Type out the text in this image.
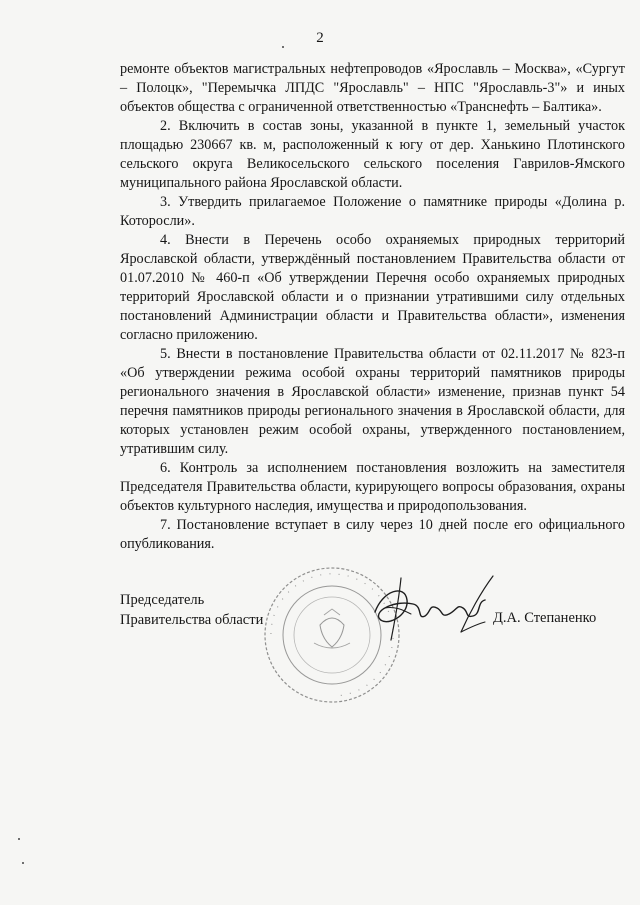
2

ремонте объектов магистральных нефтепроводов «Ярославль – Москва», «Сургут – Полоцк», "Перемычка ЛПДС "Ярославль" – НПС "Ярославль-3"» и иных объектов общества с ограниченной ответственностью «Транснефть – Балтика».

2. Включить в состав зоны, указанной в пункте 1, земельный участок площадью 230667 кв. м, расположенный к югу от дер. Ханькино Плотинского сельского округа Великосельского сельского поселения Гаврилов-Ямского муниципального района Ярославской области.

3. Утвердить прилагаемое Положение о памятнике природы «Долина р. Которосли».

4. Внести в Перечень особо охраняемых природных территорий Ярославской области, утверждённый постановлением Правительства области от 01.07.2010 № 460-п «Об утверждении Перечня особо охраняемых природных территорий Ярославской области и о признании утратившими силу отдельных постановлений Администрации области и Правительства области», изменения согласно приложению.

5. Внести в постановление Правительства области от 02.11.2017 № 823-п «Об утверждении режима особой охраны территорий памятников природы регионального значения в Ярославской области» изменение, признав пункт 54 перечня памятников природы регионального значения в Ярославской области, для которых установлен режим особой охраны, утвержденного постановлением, утратившим силу.

6. Контроль за исполнением постановления возложить на заместителя Председателя Правительства области, курирующего вопросы образования, охраны объектов культурного наследия, имущества и природопользования.

7. Постановление вступает в силу через 10 дней после его официального опубликования.

· · · · · · · · · · · · · · · · · · · · · · · · · · · · · · ·
Председатель
Правительства области	Д.А. Степаненко
